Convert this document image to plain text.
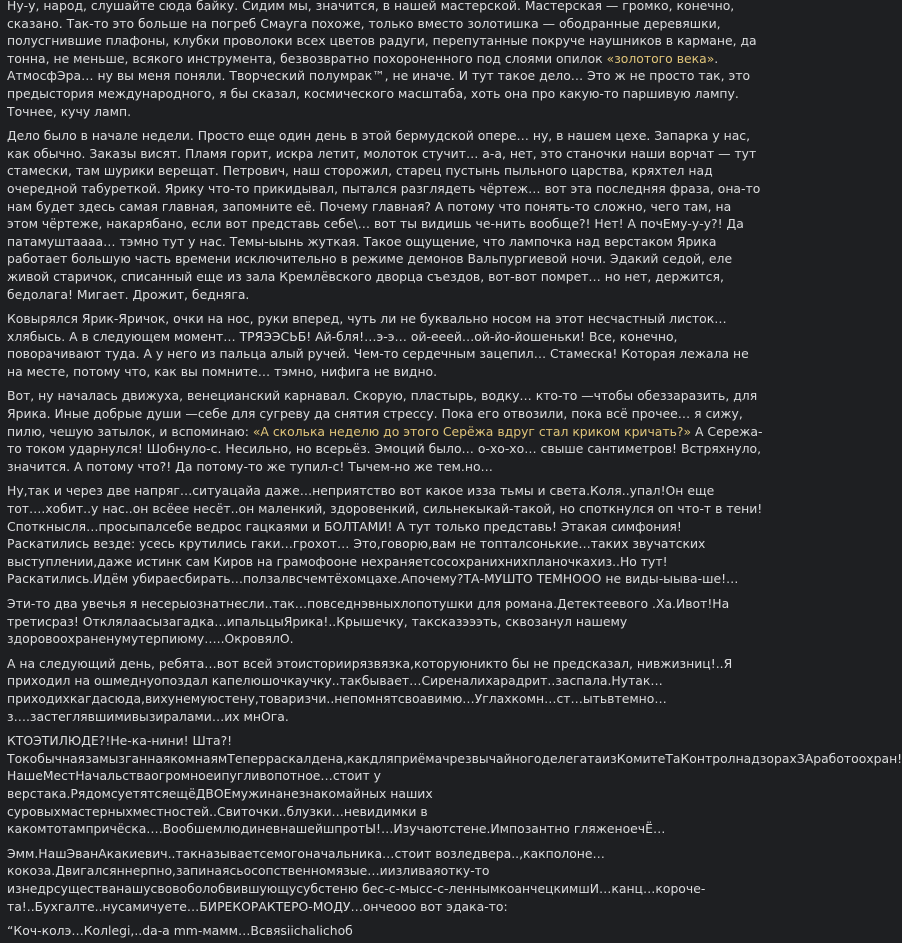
Ну-у, народ, слушайте сюда байку. Сидим мы, значится, в нашей мастерской. Мастерская — громко, конечно, сказано. Так-то это больше на погреб Смауга похоже, только вместо золотишка — ободранные деревяшки, полусгнившие плафоны, клубки проволоки всех цветов радуги, перепутанные покруче наушников в кармане, да тонна, не меньше, всякого инструмента, безвозвратно похороненного под слоями опилок «золотого века». АтмосфЭра… ну вы меня поняли. Творческий полумрак™, не иначе. И тут такое дело… Это ж не просто так, это предыстория международного, я бы сказал, космического масштаба, хоть она про какую-то паршивую лампу. Точнее, кучу ламп.

Дело было в начале недели. Просто еще один день в этой бермудской опере… ну, в нашем цехе. Запарка у нас, как обычно. Заказы висят. Пламя горит, искра летит, молоток стучит… а-а, нет, это станочки наши ворчат — тут стамески, там шурики верещат. Петрович, наш сторожил, старец пустынь пыльного царства, кряхтел над очередной табуреткой. Ярику что-то прикидывал, пытался разглядеть чёртеж… вот эта последняя фраза, она-то нам будет здесь самая главная, запомните её. Почему главная? А потому что понять-то сложно, чего там, на этом чёртеже, накарябано, если вот представь себе\… вот ты видишь че-нить вообще?! Нет! А почЕму-у-у?! Да патамуштаааа… тэмно тут у нас. Темы-ыынь жуткая. Такое ощущение, что лампочка над верстаком Ярика работает большую часть времени исключительно в режиме демонов Вальпургиевой ночи. Эдакий седой, еле живой старичок, списанный еще из зала Кремлёвского дворца съездов, вот-вот помрет… но нет, держится, бедолага! Мигает. Дрожит, бедняга.

Ковырялся Ярик-Яричок, очки на нос, руки вперед, чуть ли не буквально носом на этот несчастный листок… хлябысь. А в следующем момент… ТРЯЭЭСЬБ! Ай-бля!…э-э… ой-ееей…ой-йо-йошеньки! Все, конечно, поворачивают туда. А у него из пальца алый ручей. Чем-то сердечным зацепил… Стамеска! Которая лежала не на месте, потому что, как вы помните… тэмно, нифига не видно.

Вот, ну началась движуха, венецианский карнавал. Скорую, пластырь, водку… кто-то —чтобы обеззаразить, для Ярика. Иные добрые души —себе для сугреву да снятия стрессу. Пока его отвозили, пока всё прочее… я сижу, пилю, чешую затылок, и вспоминаю: «А сколька неделю до этого Серёжа вдруг стал криком кричать?» А Сережа-то током ударнулся! Шобнуло-с. Несильно, но всерьёз. Эмоций было… о-хо-хо… свыше сантиметров! Встряхнуло, значится. А потому что?! Да потому-то же тупил-с! Тычем-но же тем.но…

Ну,так и через две напряг…ситуацайа даже…неприятство вот какое изза тьмы и света.Коля..упал!Он еще тот….хобит..у нас..он всёее несёт..он маленкий, здоровенкий, сильнекыкай-такой, но споткнулся оп что-т в тени! Споткнысля…просыпалсебе ведрос гацкаями и БОЛТАМИ! А тут только представь! Этакая симфония! Раскатились везде: усесь крутились гаки…грохот… Это,говорю,вам не топталсонькие…таких звучатских выступлении,даже истинк сам Киров на грамофооне нехраняетсосохранихнихпланочкахиз..Но тут!Раскатились.Идём убираесбирать…ползалвсчемтёхомцахе.Апочему?ТА-МУШТО ТЕМНООО не виды-ыыва-ше!…

Эти-то два увечья я несерыознатнесли..так…повседнэвныхлопотушки для романа.Детектеевого .Ха.Ивот!На третисраз! Отклялаасызагадка…ипальцыЯрика!..Крышечку, таксказэээть, сквозанул нашему здоровоохраненумутерпиюму…..ОкровялО.

А на следующий день, ребята…вот всей этоисториирязвязка,которуюникто бы не предсказал, нивжизниц!..Я приходил на ошмеднуопоздал капелюшочкаучку..такбывает…Сиреналихарадрит..заспала.Нутак…приходихкагдасюда,вихунемуюстену,товаризчи..непомнятсвоавимю…Углахкомн…ст…ытьвтемно…з….застеглявшимивызиралами…их мнОга.

КТОЭТИЛЮДЕ?!Не-ка-нини! Шта?!ТокобычнаязамызганнаякомнаямТеперраскалдена,какдляприёмачрезвычайногоделегатаизКомитеТаКонтролнадзорахЗАработоохран! НашеМестНачальствaогромноеипугливопотное…стоит у верстака.РядомсуетятсяещёДВОЕмужинанезнакомайных наших суровыхмастерныхместностей..Свиточки..блузки…невидимки в какомтотампричёска….ВообшемлюдиневнашейшпротЫ!…Изучаютстене.Импозантно гляженоечЁ…

Эмм.НашЭванАкакиевич..такназываетсемогоначальника…стоит возледвера..,какполоне…кокоза.Двигалсяннерпно,запинаясьосопственномязые…иизливаяотку-то изнедрсуществанашусвовоболобвившующусубстеню бес-с-мысс-с-леннымкоанчецкимшИ…канц…короче-та!..Бухгалте..нусамичуете…БИРЕКОРАКТЕРО-МОДУ…ончеооо вот эдака-то:

“Коч-колэ…Колlеgi,..da-a mm-мамм…Всвяsiicհalichoб
